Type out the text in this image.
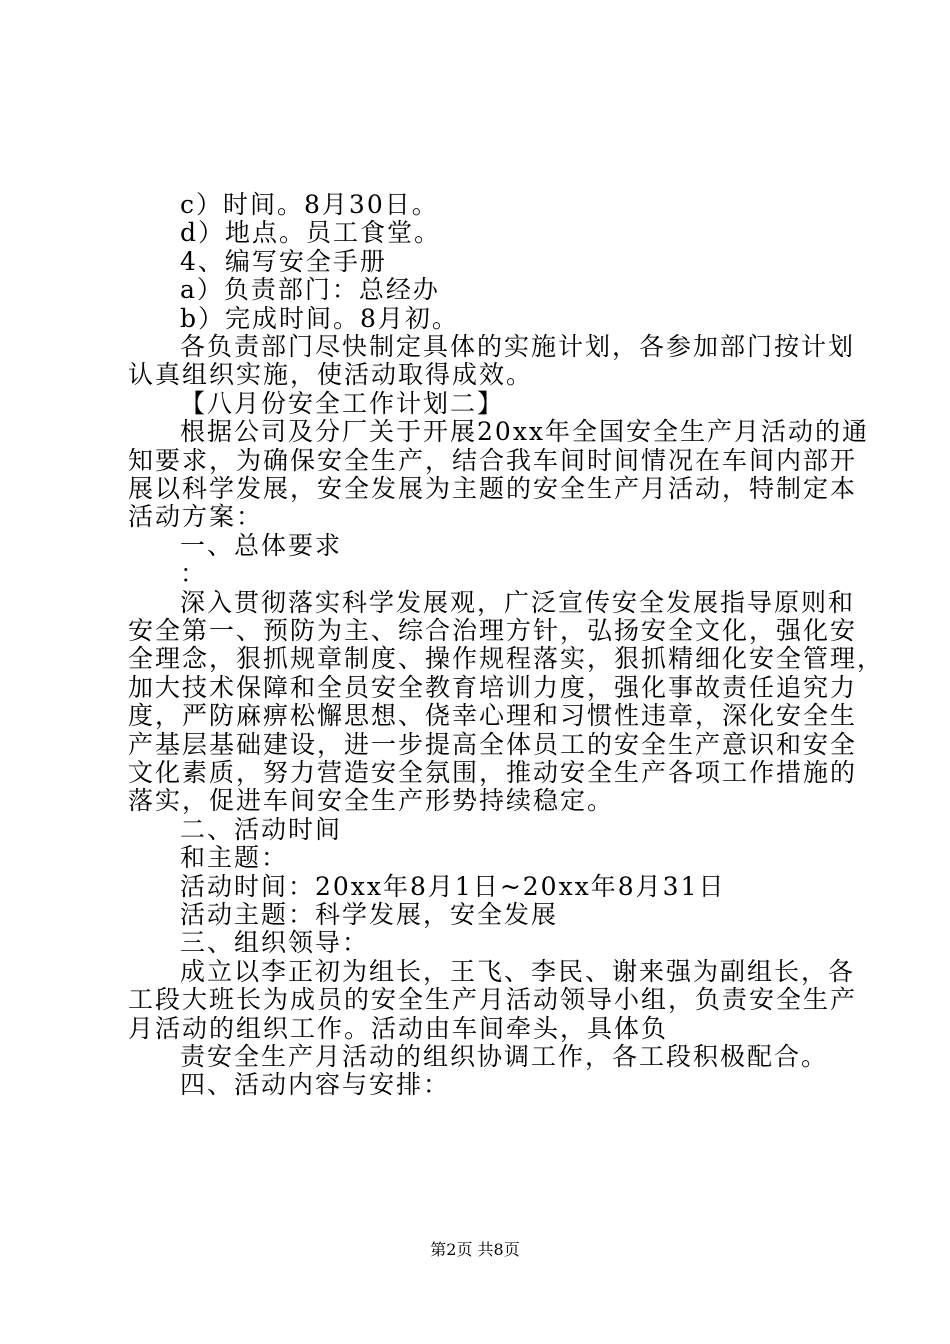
c）时间。8月30日。
d）地点。员工食堂。
4、编写安全手册
a）负责部门：总经办
b）完成时间。8月初。
各负责部门尽快制定具体的实施计划，各参加部门按计划
认真组织实施，使活动取得成效。
【八月份安全工作计划二】
根据公司及分厂关于开展20xx年全国安全生产月活动的通
知要求，为确保安全生产，结合我车间时间情况在车间内部开
展以科学发展，安全发展为主题的安全生产月活动，特制定本
活动方案：
一、总体要求
：
深入贯彻落实科学发展观，广泛宣传安全发展指导原则和
安全第一、预防为主、综合治理方针，弘扬安全文化，强化安
全理念，狠抓规章制度、操作规程落实，狠抓精细化安全管理，
加大技术保障和全员安全教育培训力度，强化事故责任追究力
度，严防麻痹松懈思想、侥幸心理和习惯性违章，深化安全生
产基层基础建设，进一步提高全体员工的安全生产意识和安全
文化素质，努力营造安全氛围，推动安全生产各项工作措施的
落实，促进车间安全生产形势持续稳定。
二、活动时间
和主题：
活动时间：20xx年8月1日~20xx年8月31日
活动主题：科学发展，安全发展
三、组织领导：
成立以李正初为组长，王飞、李民、谢来强为副组长，各
工段大班长为成员的安全生产月活动领导小组，负责安全生产
月活动的组织工作。活动由车间牵头，具体负
责安全生产月活动的组织协调工作，各工段积极配合。
四、活动内容与安排：
第2页 共8页
